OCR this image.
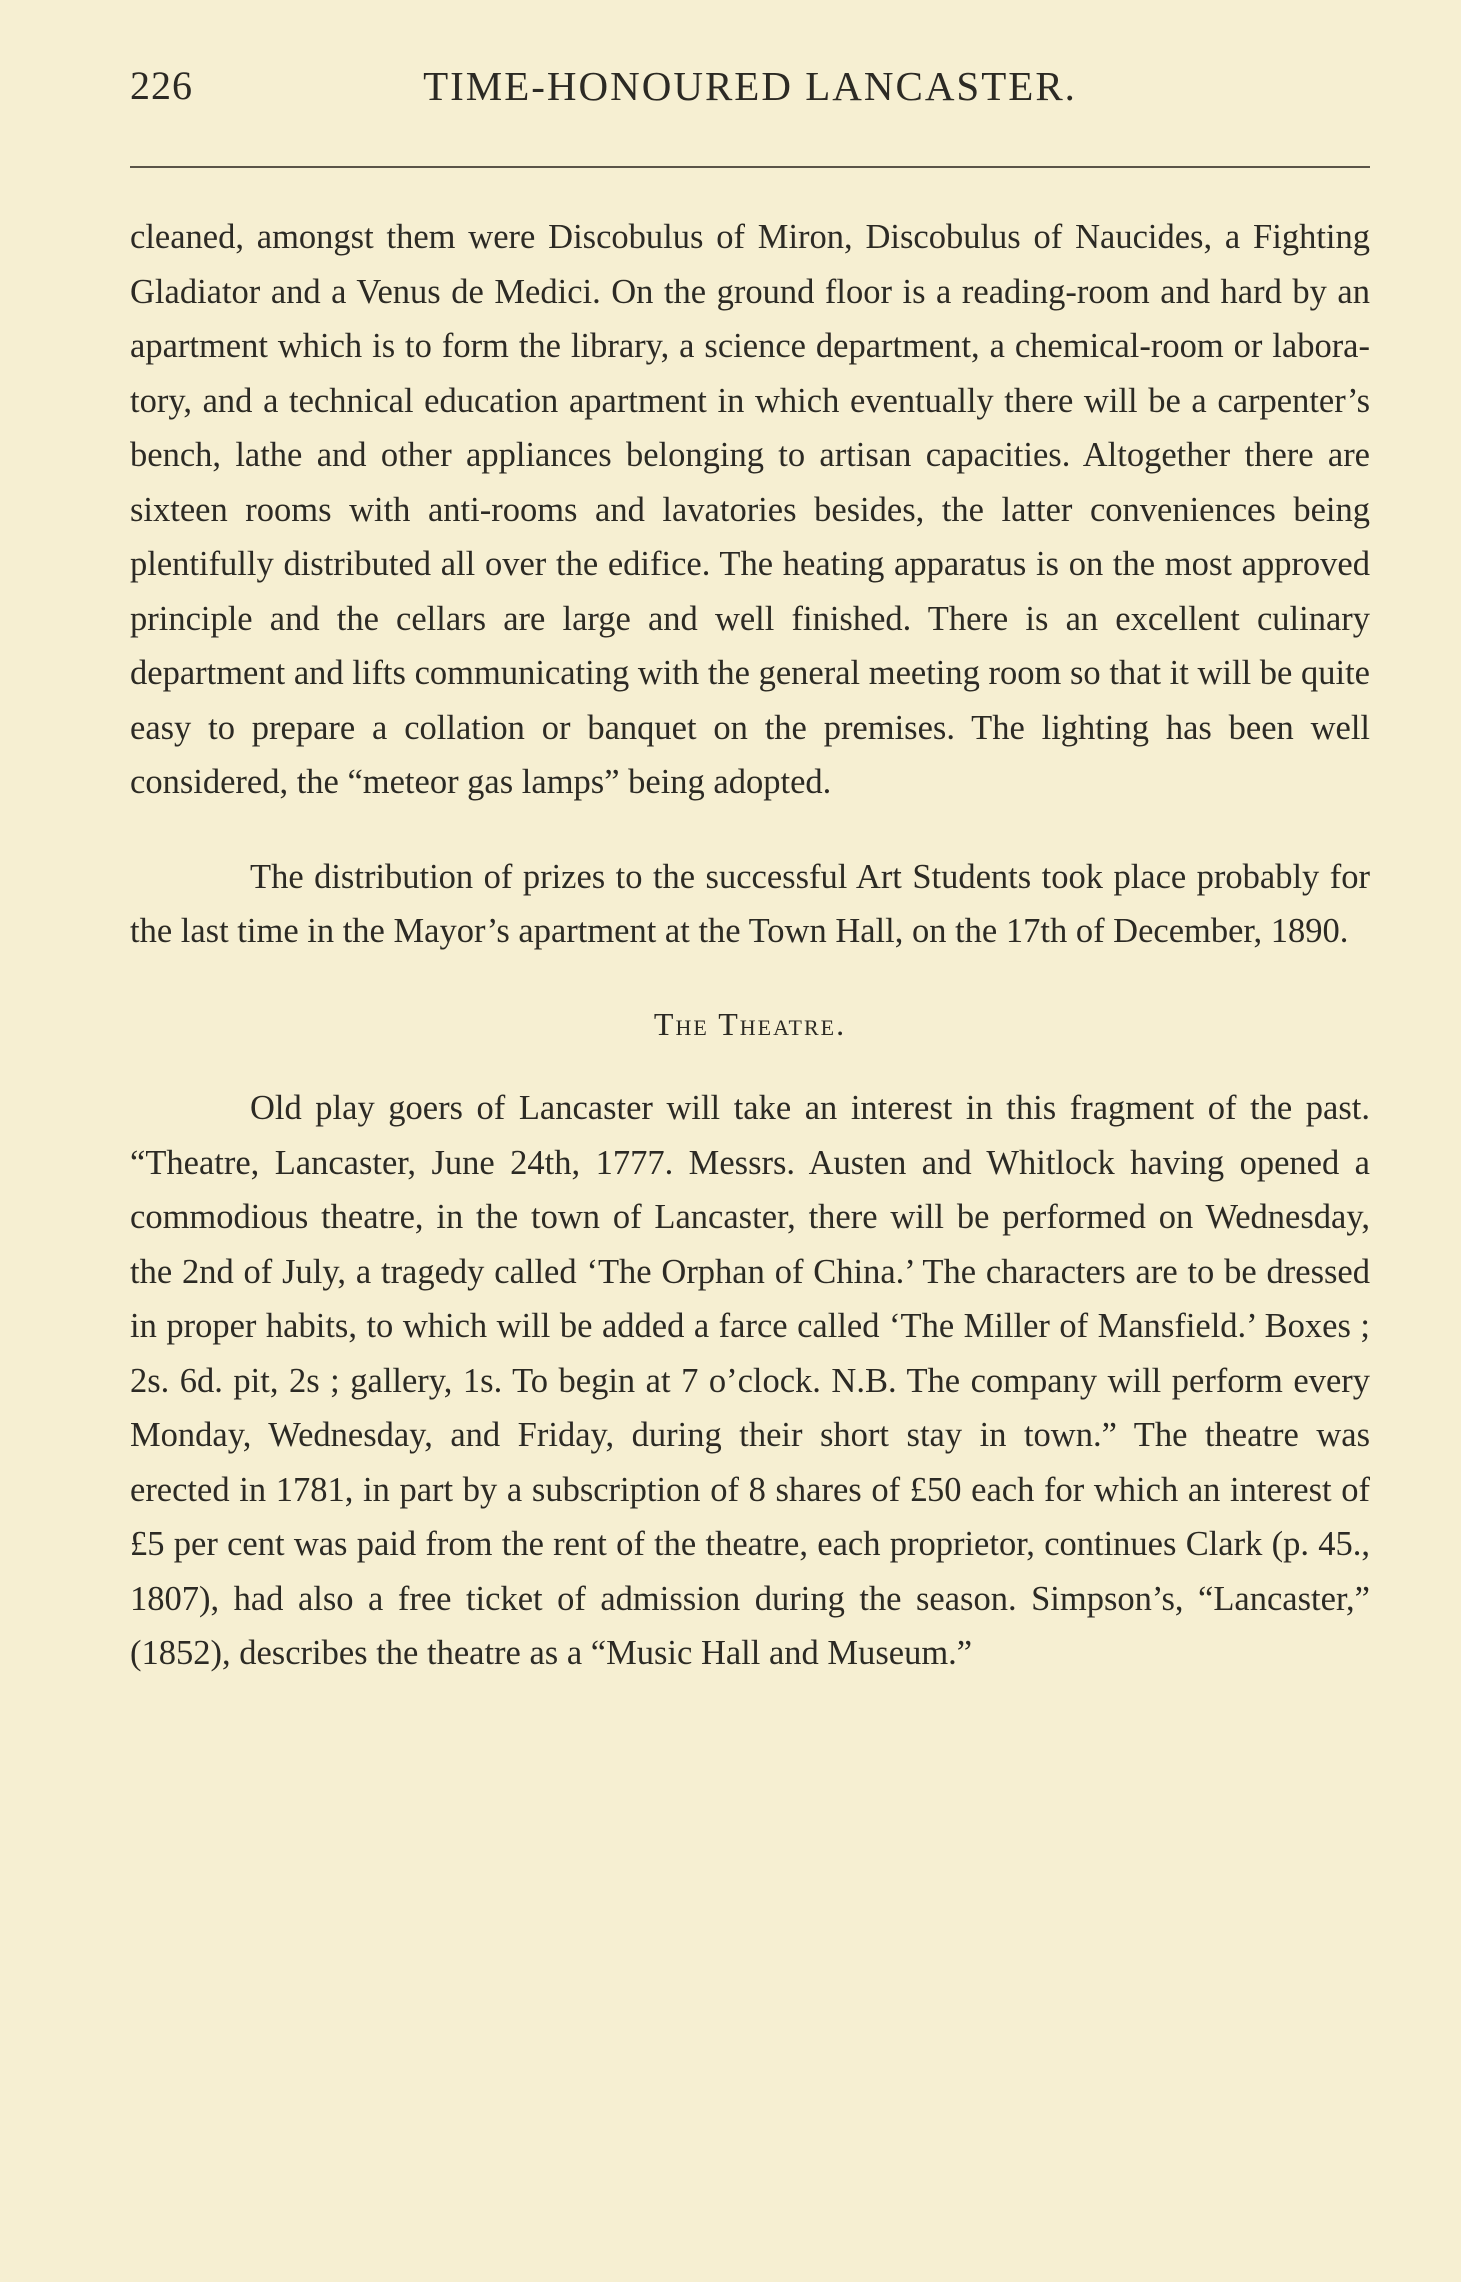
226	TIME-HONOURED LANCASTER.

cleaned, amongst them were Discobulus of Miron, Discobulus of Naucides, a Fighting Gladiator and a Venus de Medici. On the ground floor is a reading-room and hard by an apartment which is to form the library, a science department, a chemical-room or laboratory, and a technical education apartment in which eventually there will be a carpenter’s bench, lathe and other appliances belonging to artisan capacities. Altogether there are sixteen rooms with anti-rooms and lavatories besides, the latter conveniences being plentifully distributed all over the edifice. The heating apparatus is on the most approved principle and the cellars are large and well finished. There is an excellent culinary department and lifts communicating with the general meeting room so that it will be quite easy to prepare a collation or banquet on the premises. The lighting has been well considered, the “meteor gas lamps” being adopted.

The distribution of prizes to the successful Art Students took place probably for the last time in the Mayor’s apartment at the Town Hall, on the 17th of December, 1890.

The Theatre.

Old play goers of Lancaster will take an interest in this fragment of the past. “Theatre, Lancaster, June 24th, 1777. Messrs. Austen and Whitlock having opened a commodious theatre, in the town of Lancaster, there will be performed on Wednesday, the 2nd of July, a tragedy called ‘The Orphan of China.’ The characters are to be dressed in proper habits, to which will be added a farce called ‘The Miller of Mansfield.’ Boxes ; 2s. 6d. pit, 2s ; gallery, 1s. To begin at 7 o’clock. N.B. The company will perform every Monday, Wednesday, and Friday, during their short stay in town.” The theatre was erected in 1781, in part by a subscription of 8 shares of £50 each for which an interest of £5 per cent was paid from the rent of the theatre, each proprietor, continues Clark (p. 45., 1807), had also a free ticket of admission during the season. Simpson’s, “Lancaster,” (1852), describes the theatre as a “Music Hall and Museum.”
